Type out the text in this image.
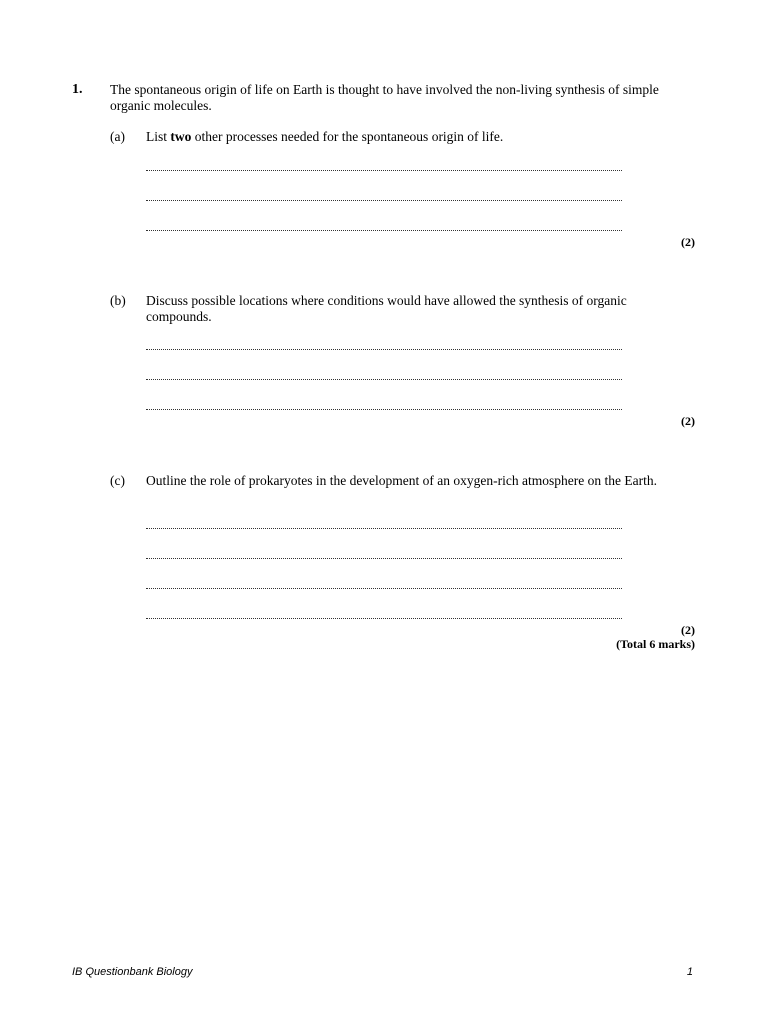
1. The spontaneous origin of life on Earth is thought to have involved the non-living synthesis of simple organic molecules.
(a) List two other processes needed for the spontaneous origin of life.
(2)
(b) Discuss possible locations where conditions would have allowed the synthesis of organic compounds.
(2)
(c) Outline the role of prokaryotes in the development of an oxygen-rich atmosphere on the Earth.
(2)
(Total 6 marks)
IB Questionbank Biology	1
